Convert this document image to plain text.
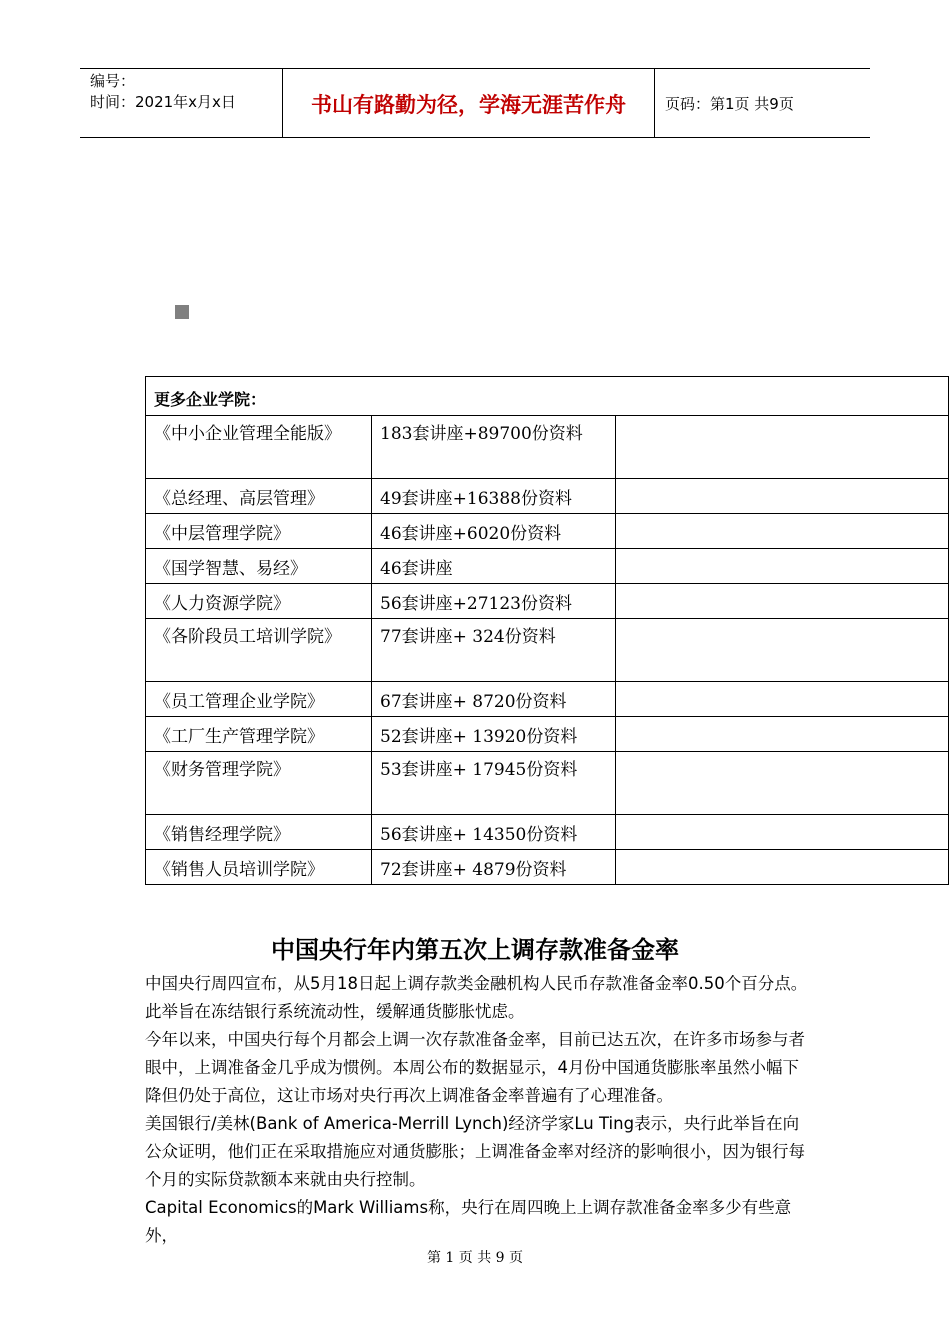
编号：
时间：2021年x月x日	书山有路勤为径，学海无涯苦作舟	页码：第1页 共9页
更多企业学院：		
《中小企业管理全能版》	183套讲座+89700份资料	
《总经理、高层管理》	49套讲座+16388份资料	
《中层管理学院》	46套讲座+6020份资料	
《国学智慧、易经》	46套讲座	
《人力资源学院》	56套讲座+27123份资料	
《各阶段员工培训学院》	77套讲座+ 324份资料	
《员工管理企业学院》	67套讲座+ 8720份资料	
《工厂生产管理学院》	52套讲座+ 13920份资料	
《财务管理学院》	53套讲座+ 17945份资料	
《销售经理学院》	56套讲座+ 14350份资料	
《销售人员培训学院》	72套讲座+ 4879份资料	
中国央行年内第五次上调存款准备金率

中国央行周四宣布，从5月18日起上调存款类金融机构人民币存款准备金率0.50个百分点。此举旨在冻结银行系统流动性，缓解通货膨胀忧虑。

今年以来，中国央行每个月都会上调一次存款准备金率，目前已达五次，在许多市场参与者眼中，上调准备金几乎成为惯例。本周公布的数据显示，4月份中国通货膨胀率虽然小幅下降但仍处于高位，这让市场对央行再次上调准备金率普遍有了心理准备。

美国银行/美林(Bank of America-Merrill Lynch)经济学家Lu Ting表示，央行此举旨在向公众证明，他们正在采取措施应对通货膨胀；上调准备金率对经济的影响很小，因为银行每个月的实际贷款额本来就由央行控制。

Capital Economics的Mark Williams称，央行在周四晚上上调存款准备金率多少有些意外，

第 1 页 共 9 页
